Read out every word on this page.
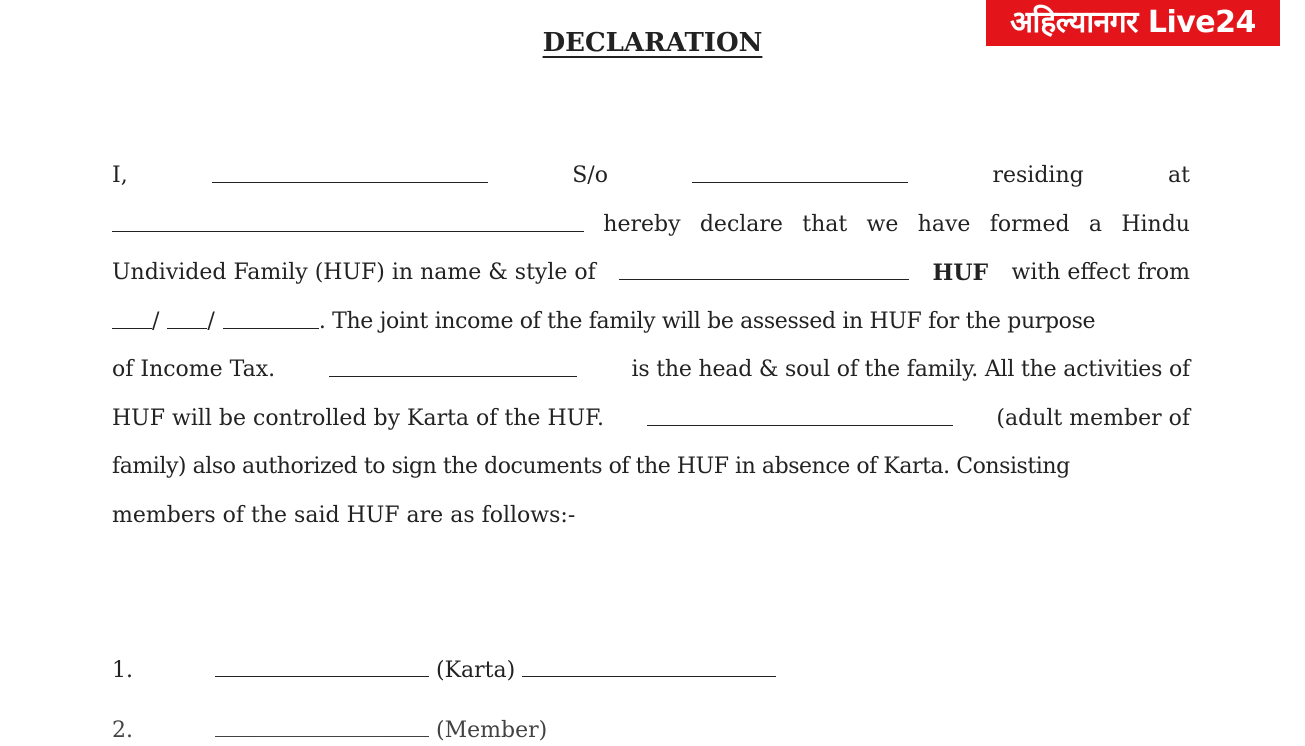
अहिल्यानगर Live24
DECLARATION
I,	S/o	residing	at
hereby declare that we have formed a Hindu
Undivided Family (HUF) in name & style of	HUF with effect from
/ /	. The joint income of the family will be assessed in HUF for the purpose
of Income Tax.	is the head & soul of the family. All the activities of
HUF will be controlled by Karta of the HUF.	(adult member of
family) also authorized to sign the documents of the HUF in absence of Karta. Consisting
members of the said HUF are as follows:-
1.	(Karta)
2.	(Member)
